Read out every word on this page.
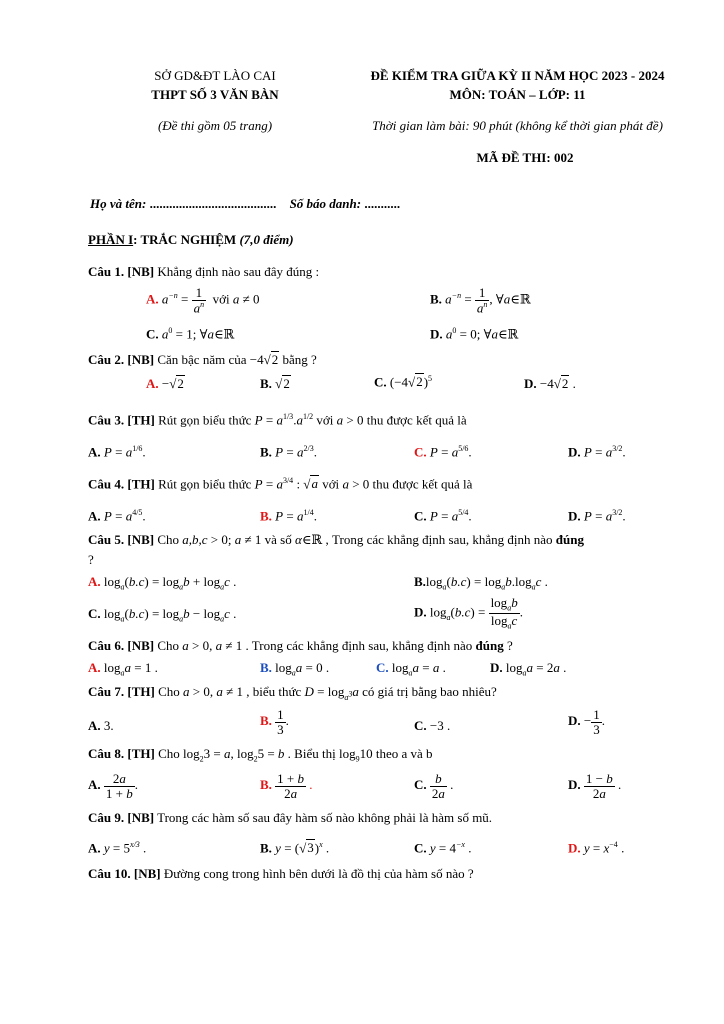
SỞ GD&ĐT LÀO CAI
THPT SỐ 3 VĂN BÀN
(Đề thi gồm 05 trang)
ĐỀ KIỂM TRA GIỮA KỲ II NĂM HỌC 2023 - 2024
MÔN: TOÁN – LỚP: 11
Thời gian làm bài: 90 phút (không kể thời gian phát đề)
MÃ ĐỀ THI: 002
Họ và tên: ....................................... Số báo danh: ...........
PHẦN I: TRẮC NGHIỆM (7,0 điểm)
Câu 1. [NB] Khẳng định nào sau đây đúng :
A. $a^{-n} = \frac{1}{a^n}$ với a ≠ 0	B. $a^{-n} = \frac{1}{a^n}$ , ∀a∈ℝ
C. $a^0 = 1$; ∀a∈ℝ	D. $a^0 = 0$; ∀a∈ℝ
Câu 2. [NB] Căn bậc năm của −4√2 bằng ?
A. −√2	B. √2	C. $(-4√2)^5$	D. −4√2 .
Câu 3. [TH] Rút gọn biểu thức $P = a^{1/3}.a^{1/2}$ với a > 0 thu được kết quả là
A. $P = a^{1/6}$.	B. $P = a^{2/3}$.	C. $P = a^{5/6}$.	D. $P = a^{3/2}$.
Câu 4. [TH] Rút gọn biểu thức $P = a^{3/4}$ : √a với a > 0 thu được kết quả là
A. $P = a^{4/5}$.	B. $P = a^{1/4}$.	C. $P = a^{5/4}$.	D. $P = a^{3/2}$.
Câu 5. [NB] Cho a,b,c > 0; a ≠ 1 và số α∈ℝ , Trong các khẳng định sau, khẳng định nào đúng
?
A. $\log_a(b.c) = \log_ab + \log_ac$ .	$B.\log_a(b.c) = \log_ab.\log_ac$ .
C. $\log_a(b.c) = \log_ab - \log_ac$ .	D. $\log_a(b.c) = \frac{\log_ab}{\log_ac}$ .
Câu 6. [NB] Cho a > 0, a ≠ 1 . Trong các khẳng định sau, khẳng định nào đúng ?
A. $\log_aa = 1$ .	B. $\log_aa = 0$ .	C. $\log_aa = a$ .	D. $\log_aa = 2a$ .
Câu 7. [TH] Cho a > 0, a ≠ 1 , biểu thức $D = \log_{a^3}a$ có giá trị bằng bao nhiêu?
A. 3.	B. $\frac{1}{3}$ .	C. −3 .	D. − $\frac{1}{3}$ .
Câu 8. [TH] Cho $\log_23 = a$, $\log_25 = b$ . Biểu thị $\log_910$ theo a và b
A. $\frac{2a}{1 + b}$ .	B. $\frac{1 + b}{2a}$ .	C. $\frac{b}{2a}$ .	D. $\frac{1 - b}{2a}$ .
Câu 9. [NB] Trong các hàm số sau đây hàm số nào không phải là hàm số mũ.
A. $y = 5^{x/3}$ .	B. $y = (√3)^x$ .	C. $y = 4^{-x}$ .	D. $y = x^{-4}$ .
Câu 10. [NB] Đường cong trong hình bên dưới là đồ thị của hàm số nào ?
